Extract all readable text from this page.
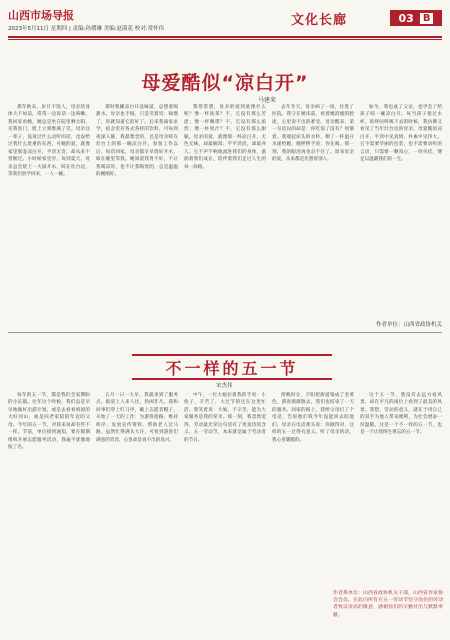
山西市场导报
2023年5月11日 星期四 | 责编:孙熠琳 美编:赵淑花 校对:常怀伟
文化长廊	03 B
母爱酷似“凉白开”
马建来
那年秋末，岁月不饶人，母亲的身体大不如前，常常一边说话一边咳嗽。我回家看她，她总是坐在院里晒太阳，见我进门，脸上立刻堆满了笑。母亲这一辈子，没说过什么动听的话，也没给过我什么贵重的东西，可她的爱，就像家里那壶凉白开，平淡无奇，却从来不曾断过。小时候家里穷，每到夏天，母亲总会烧上一大锅开水，晾在灶台边，等我们放学回来，一人一碗。
那时我嫌凉白开没味道，总想着喝甜水。母亲也不恼，只是笑着说：喝惯了，你就知道它的好了。后来我离家求学，宿舍里有各式各样的饮料，可每到夜深人静，我最想念的，还是母亲晾在灶台上的那一碗凉白开。参加工作以后，每次回家，母亲都早早烧好开水，晾在碗里等我。她知道我胃不好，不让我喝凉的，也不让我喝烫的，总是温温的刚刚好。
我常常想，母亲的爱到底像什么呢？像一杯浓茶？不，它没有那么苦涩；像一杯咖啡？不，它没有那么浓烈；像一杯果汁？不，它没有那么甜腻。母亲的爱，就像那一杯凉白开，无色无味，却最解渴；平平淡淡，却最养人。它不声不响地流进我们的身体，滋润着我们成长，陪伴着我们走过人生的每一段路。
去年冬天，母亲病了一场，住进了医院。我守在她床前，看着她消瘦的脸庞，心里说不出的难受。母亲醒来，第一句话问的却是：你吃饭了没有？别饿着。我端起床头的水杯，倒了一杯温开水递给她，她摆摆手说：你先喝。那一刻，我的眼泪再也忍不住了。原来母亲的爱，从来都是先想着别人。
如今，我也成了父亲，也学会了给孩子晾一碗凉白开。每当孩子接过水杯，咕咚咕咚喝下去的时候，我仿佛又看见了当年灶台边的母亲。母爱酷似凉白开，平淡中见真情，朴素中见伟大。它不需要华丽的包装，也不需要动听的言语，只需要一颗真心，一份牵挂，便足以温暖我们的一生。
作者单位：山西省政协机关
不一样的五一节
宋杰伟
每年的五一节，都是我们全家期盼的小长假。往年这个时候，我们总是早早地做好出游计划，或是去看看祖国的大好河山，或是回老家陪陪年迈的父母。今年的五一节，对我来说却有些不一样。节前，单位接到通知，要在假期组织开展志愿服务活动，我毫不犹豫地报了名。
五月一日一大早，我就来到了服务点。街道上人来人往，热闹非凡。我和同事们穿上红马甲，戴上志愿者帽子，开始了一天的工作：为游客指路、维持秩序、发放宣传资料、帮助老人过马路。虽然忙得满头大汗，可看到游客们满意的笑容，心里却是说不出的高兴。
中午，一位大娘拉着我的手说：小伙子，辛苦了，大过节的还在这里忙活。我笑着说：大娘，不辛苦，能为大家服务是我的荣幸。那一刻，我忽然觉得，劳动最光荣这句话有了更真切的含义。五一劳动节，本来就是属于劳动者的节日。
傍晚时分，夕阳把街道染成了金黄色，游客渐渐散去，我们也结束了一天的服务。回家的路上，我给父母打了个电话，告诉他们我今年没能回去陪他们。母亲在电话那头说：你做得对，这样的五一过得有意义。听了母亲的话，我心里暖暖的。
这个五一节，我没有去远方看风景，却在平凡的岗位上看到了最美的风景。我想，劳动的意义，就在于用自己的双手为他人带来便利，为社会增添一份温暖。这是一个不一样的五一节，也是一个让我终生难忘的五一节。
作者系单位：山西省政协机关干部，山西省作家协会会员。在此向所有在五一劳动节坚守岗位的劳动者致以崇高的敬意，感谢你们的辛勤付出与默默奉献。
